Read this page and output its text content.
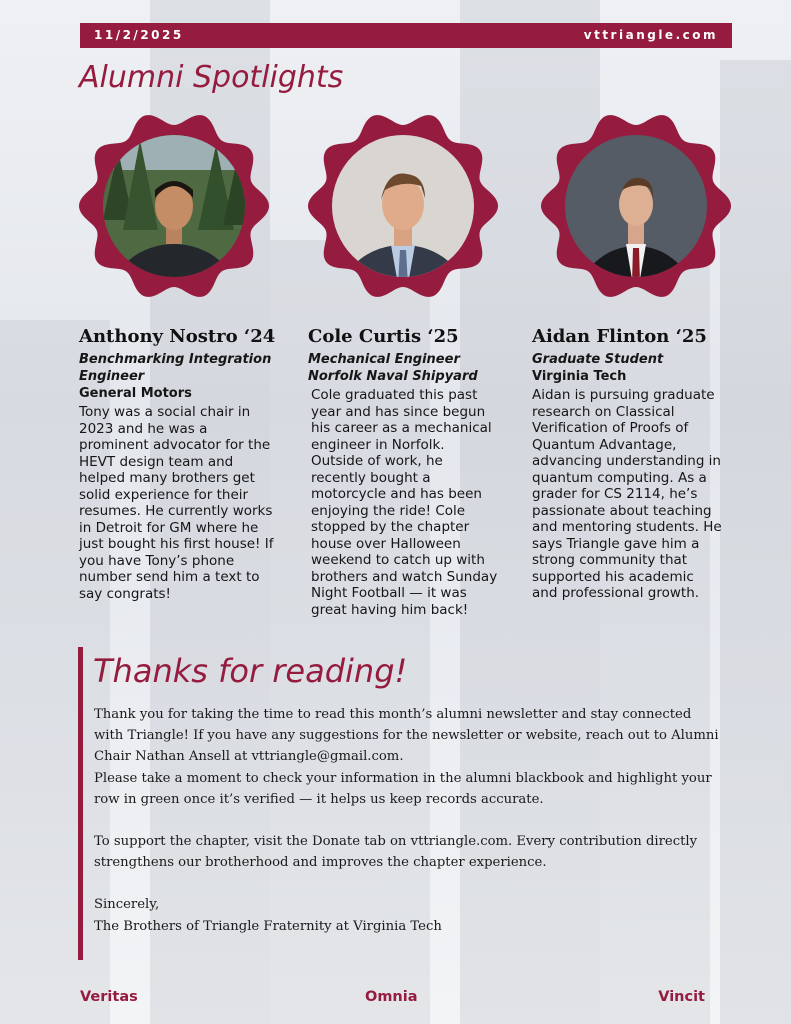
11/2/2025	vttriangle.com
Alumni Spotlights
Anthony Nostro ‘24
Benchmarking Integration Engineer
General Motors
Tony was a social chair in 2023 and he was a prominent advocator for the HEVT design team and helped many brothers get solid experience for their resumes. He currently works in Detroit for GM where he just bought his first house! If you have Tony’s phone number send him a text to say congrats!
Cole Curtis ‘25
Mechanical Engineer
Norfolk Naval Shipyard
Cole graduated this past year and has since begun his career as a mechanical engineer in Norfolk. Outside of work, he recently bought a motorcycle and has been enjoying the ride! Cole stopped by the chapter house over Halloween weekend to catch up with brothers and watch Sunday Night Football — it was great having him back!
Aidan Flinton ‘25
Graduate Student
Virginia Tech
Aidan is pursuing graduate research on Classical Verification of Proofs of Quantum Advantage, advancing understanding in quantum computing. As a grader for CS 2114, he’s passionate about teaching and mentoring students. He says Triangle gave him a strong community that supported his academic and professional growth.
Thanks for reading!

Thank you for taking the time to read this month’s alumni newsletter and stay connected with Triangle! If you have any suggestions for the newsletter or website, reach out to Alumni Chair Nathan Ansell at vttriangle@gmail.com.

Please take a moment to check your information in the alumni blackbook and highlight your row in green once it’s verified — it helps us keep records accurate.

To support the chapter, visit the Donate tab on vttriangle.com. Every contribution directly strengthens our brotherhood and improves the chapter experience.

Sincerely,

The Brothers of Triangle Fraternity at Virginia Tech

Veritas	Omnia	Vincit
